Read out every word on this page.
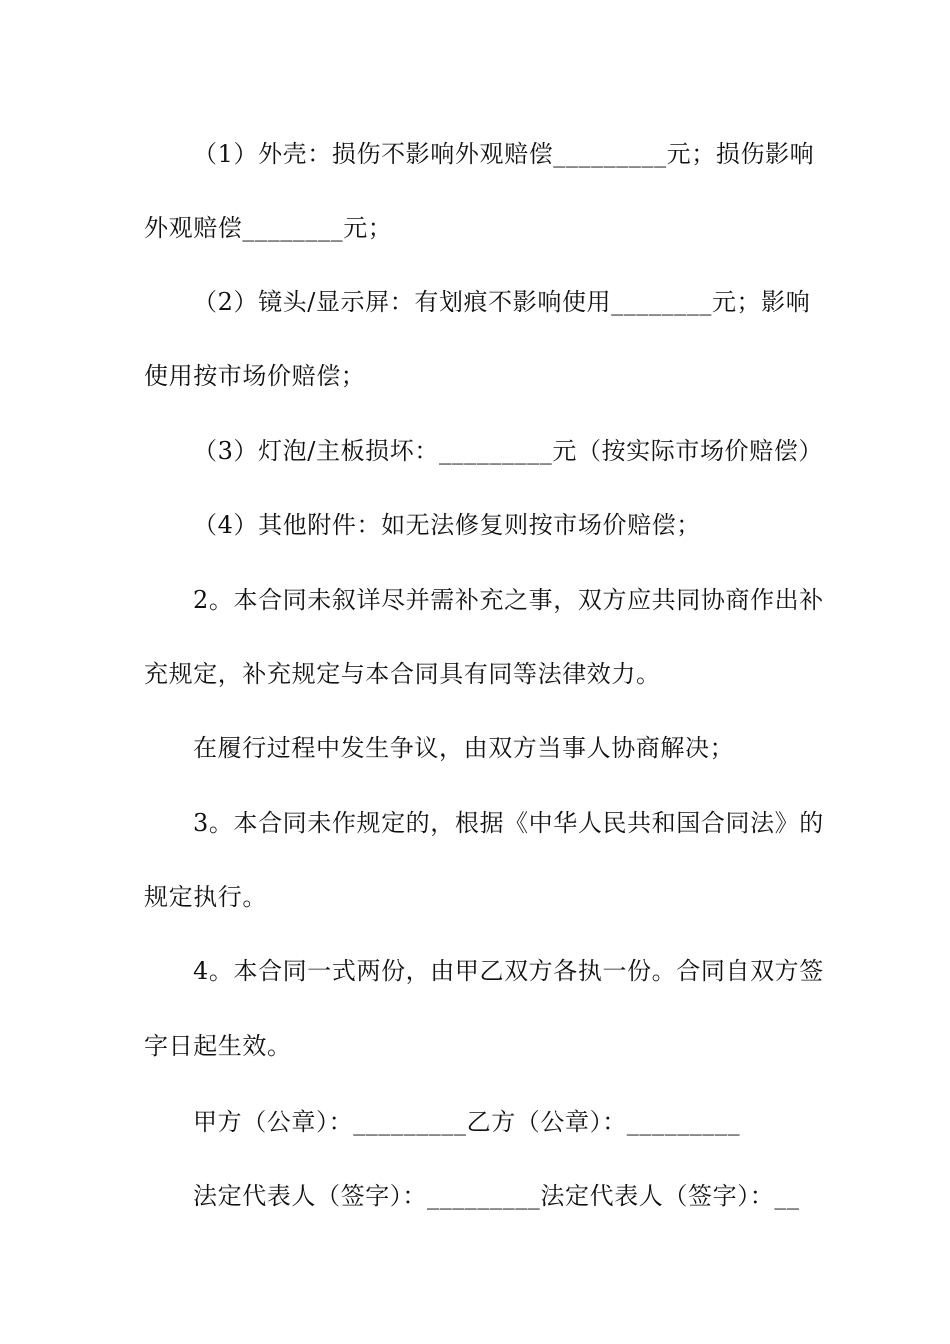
（1）外壳：损伤不影响外观赔偿_________元；损伤影响
外观赔偿________元；
（2）镜头/显示屏：有划痕不影响使用________元；影响
使用按市场价赔偿；
（3）灯泡/主板损坏：_________元（按实际市场价赔偿）
（4）其他附件：如无法修复则按市场价赔偿；
2。本合同未叙详尽并需补充之事，双方应共同协商作出补
充规定，补充规定与本合同具有同等法律效力。
在履行过程中发生争议，由双方当事人协商解决；
3。本合同未作规定的，根据《中华人民共和国合同法》的
规定执行。
4。本合同一式两份，由甲乙双方各执一份。合同自双方签
字日起生效。
甲方（公章）：_________乙方（公章）：_________
法定代表人（签字）：_________法定代表人（签字）：__
